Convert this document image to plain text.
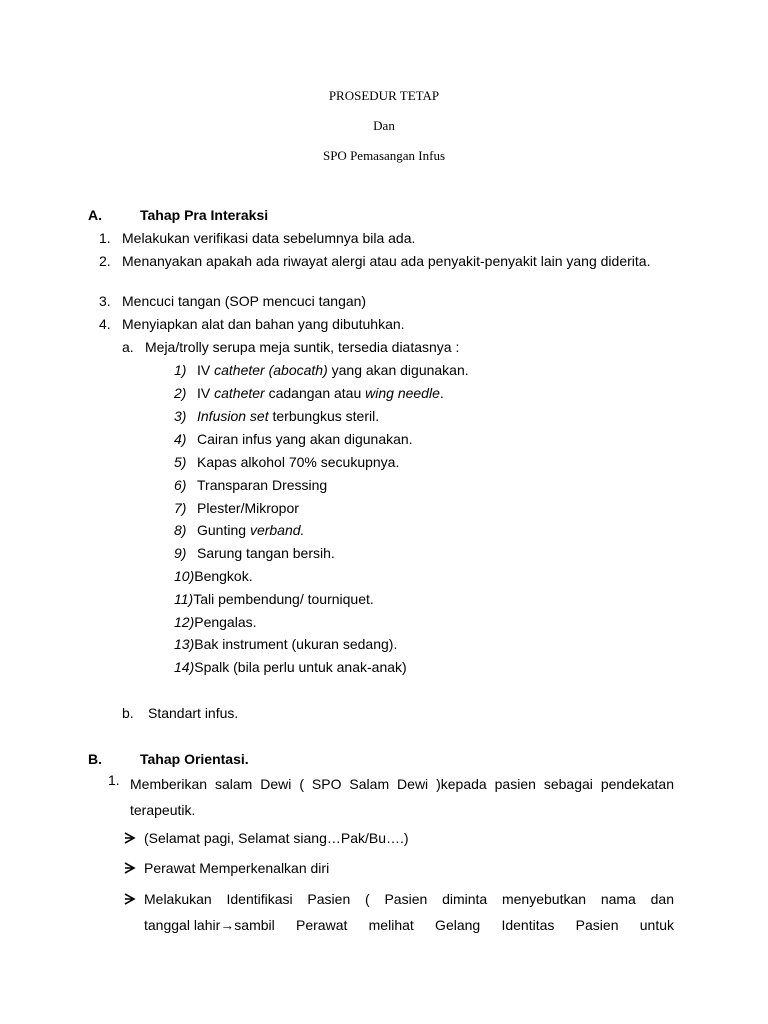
PROSEDUR TETAP
Dan
SPO Pemasangan Infus
A.	Tahap Pra Interaksi
1. Melakukan verifikasi data sebelumnya bila ada.
2. Menanyakan apakah ada riwayat alergi atau ada penyakit-penyakit lain yang diderita.
3. Mencuci tangan (SOP mencuci tangan)
4. Menyiapkan alat dan bahan yang dibutuhkan.
a. Meja/trolly serupa meja suntik, tersedia diatasnya :
1) IV catheter (abocath) yang akan digunakan.
2) IV catheter cadangan atau wing needle.
3) Infusion set terbungkus steril.
4) Cairan infus yang akan digunakan.
5) Kapas alkohol 70% secukupnya.
6) Transparan Dressing
7) Plester/Mikropor
8) Gunting verband.
9) Sarung tangan bersih.
10)Bengkok.
11)Tali pembendung/ tourniquet.
12)Pengalas.
13)Bak instrument (ukuran sedang).
14)Spalk (bila perlu untuk anak-anak)
b. Standart infus.
B.	Tahap Orientasi.
1. Memberikan salam Dewi ( SPO Salam Dewi )kepada pasien sebagai pendekatan terapeutik.
(Selamat pagi, Selamat siang…Pak/Bu….)
Perawat Memperkenalkan diri
Melakukan Identifikasi Pasien ( Pasien diminta menyebutkan nama dan
tanggal lahir → sambil Perawat melihat Gelang Identitas Pasien untuk
